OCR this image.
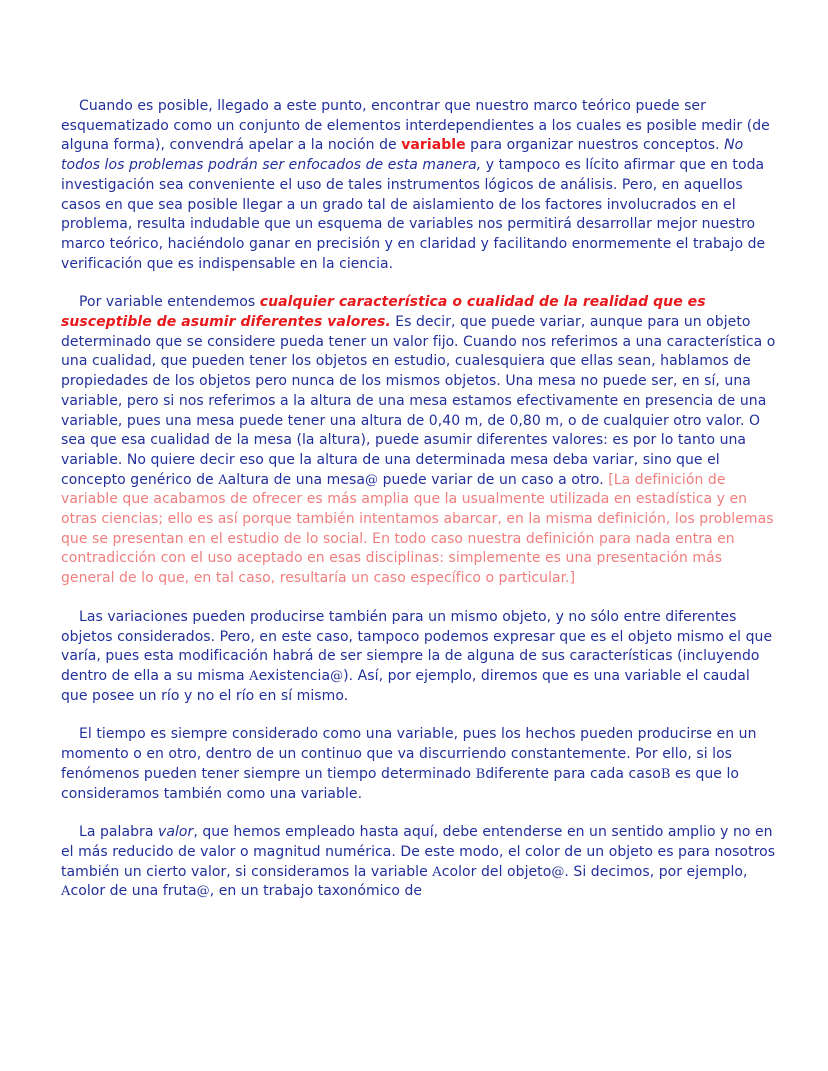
Cuando es posible, llegado a este punto, encontrar que nuestro marco teórico puede ser esquematizado como un conjunto de elementos interdependientes a los cuales es posible medir (de alguna forma), convendrá apelar a la noción de variable para organizar nuestros conceptos. No todos los problemas podrán ser enfocados de esta manera, y tampoco es lícito afirmar que en toda investigación sea conveniente el uso de tales instrumentos lógicos de análisis. Pero, en aquellos casos en que sea posible llegar a un grado tal de aislamiento de los factores involucrados en el problema, resulta indudable que un esquema de variables nos permitirá desarrollar mejor nuestro marco teórico, haciéndolo ganar en precisión y en claridad y facilitando enormemente el trabajo de verificación que es indispensable en la ciencia.

Por variable entendemos cualquier característica o cualidad de la realidad que es susceptible de asumir diferentes valores. Es decir, que puede variar, aunque para un objeto determinado que se considere pueda tener un valor fijo. Cuando nos referimos a una característica o una cualidad, que pueden tener los objetos en estudio, cualesquiera que ellas sean, hablamos de propiedades de los objetos pero nunca de los mismos objetos. Una mesa no puede ser, en sí, una variable, pero si nos referimos a la altura de una mesa estamos efectivamente en presencia de una variable, pues una mesa puede tener una altura de 0,40 m, de 0,80 m, o de cualquier otro valor. O sea que esa cualidad de la mesa (la altura), puede asumir diferentes valores: es por lo tanto una variable. No quiere decir eso que la altura de una determinada mesa deba variar, sino que el concepto genérico de Aaltura de una mesa@ puede variar de un caso a otro. [La definición de variable que acabamos de ofrecer es más amplia que la usualmente utilizada en estadística y en otras ciencias; ello es así porque también intentamos abarcar, en la misma definición, los problemas que se presentan en el estudio de lo social. En todo caso nuestra definición para nada entra en contradicción con el uso aceptado en esas disciplinas: simplemente es una presentación más general de lo que, en tal caso, resultaría un caso específico o particular.]

Las variaciones pueden producirse también para un mismo objeto, y no sólo entre diferentes objetos considerados. Pero, en este caso, tampoco podemos expresar que es el objeto mismo el que varía, pues esta modificación habrá de ser siempre la de alguna de sus características (incluyendo dentro de ella a su misma Aexistencia@). Así, por ejemplo, diremos que es una variable el caudal que posee un río y no el río en sí mismo.

El tiempo es siempre considerado como una variable, pues los hechos pueden producirse en un momento o en otro, dentro de un continuo que va discurriendo constantemente. Por ello, si los fenómenos pueden tener siempre un tiempo determinado Bdiferente para cada casoB es que lo consideramos también como una variable.

La palabra valor, que hemos empleado hasta aquí, debe entenderse en un sentido amplio y no en el más reducido de valor o magnitud numérica. De este modo, el color de un objeto es para nosotros también un cierto valor, si consideramos la variable Acolor del objeto@. Si decimos, por ejemplo, Acolor de una fruta@, en un trabajo taxonómico de
